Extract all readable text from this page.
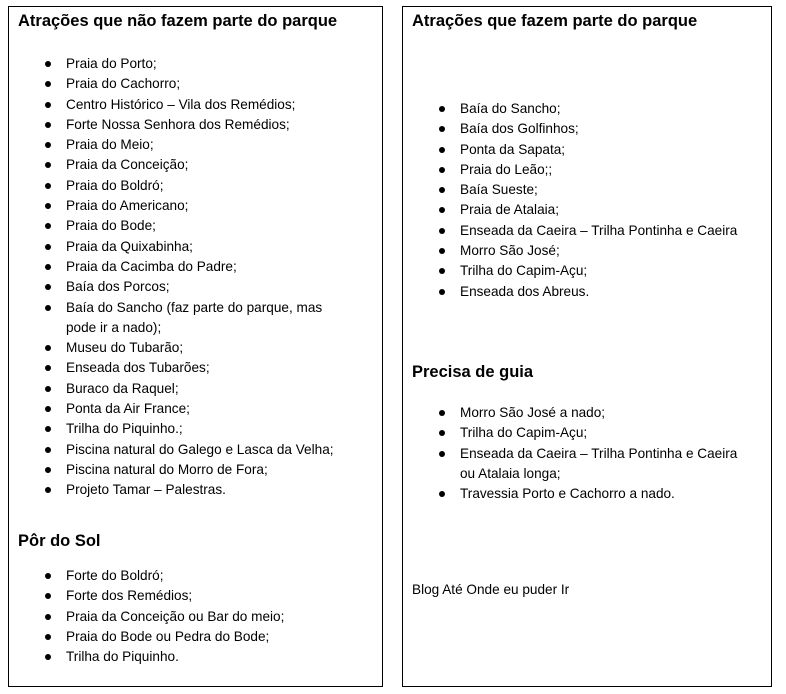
Atrações que não fazem parte do parque
Praia do Porto;
Praia do Cachorro;
Centro Histórico – Vila dos Remédios;
Forte Nossa Senhora dos Remédios;
Praia do Meio;
Praia da Conceição;
Praia do Boldró;
Praia do Americano;
Praia do Bode;
Praia da Quixabinha;
Praia da Cacimba do Padre;
Baía dos Porcos;
Baía do Sancho (faz parte do parque, mas
pode ir a nado);
Museu do Tubarão;
Enseada dos Tubarões;
Buraco da Raquel;
Ponta da Air France;
Trilha do Piquinho.;
Piscina natural do Galego e Lasca da Velha;
Piscina natural do Morro de Fora;
Projeto Tamar – Palestras.
Pôr do Sol
Forte do Boldró;
Forte dos Remédios;
Praia da Conceição ou Bar do meio;
Praia do Bode ou Pedra do Bode;
Trilha do Piquinho.
Atrações que fazem parte do parque
Baía do Sancho;
Baía dos Golfinhos;
Ponta da Sapata;
Praia do Leão;;
Baía Sueste;
Praia de Atalaia;
Enseada da Caeira – Trilha Pontinha e Caeira
Morro São José;
Trilha do Capim-Açu;
Enseada dos Abreus.
Precisa de guia
Morro São José a nado;
Trilha do Capim-Açu;
Enseada da Caeira – Trilha Pontinha e Caeira
ou Atalaia longa;
Travessia Porto e Cachorro a nado.
Blog Até Onde eu puder Ir
